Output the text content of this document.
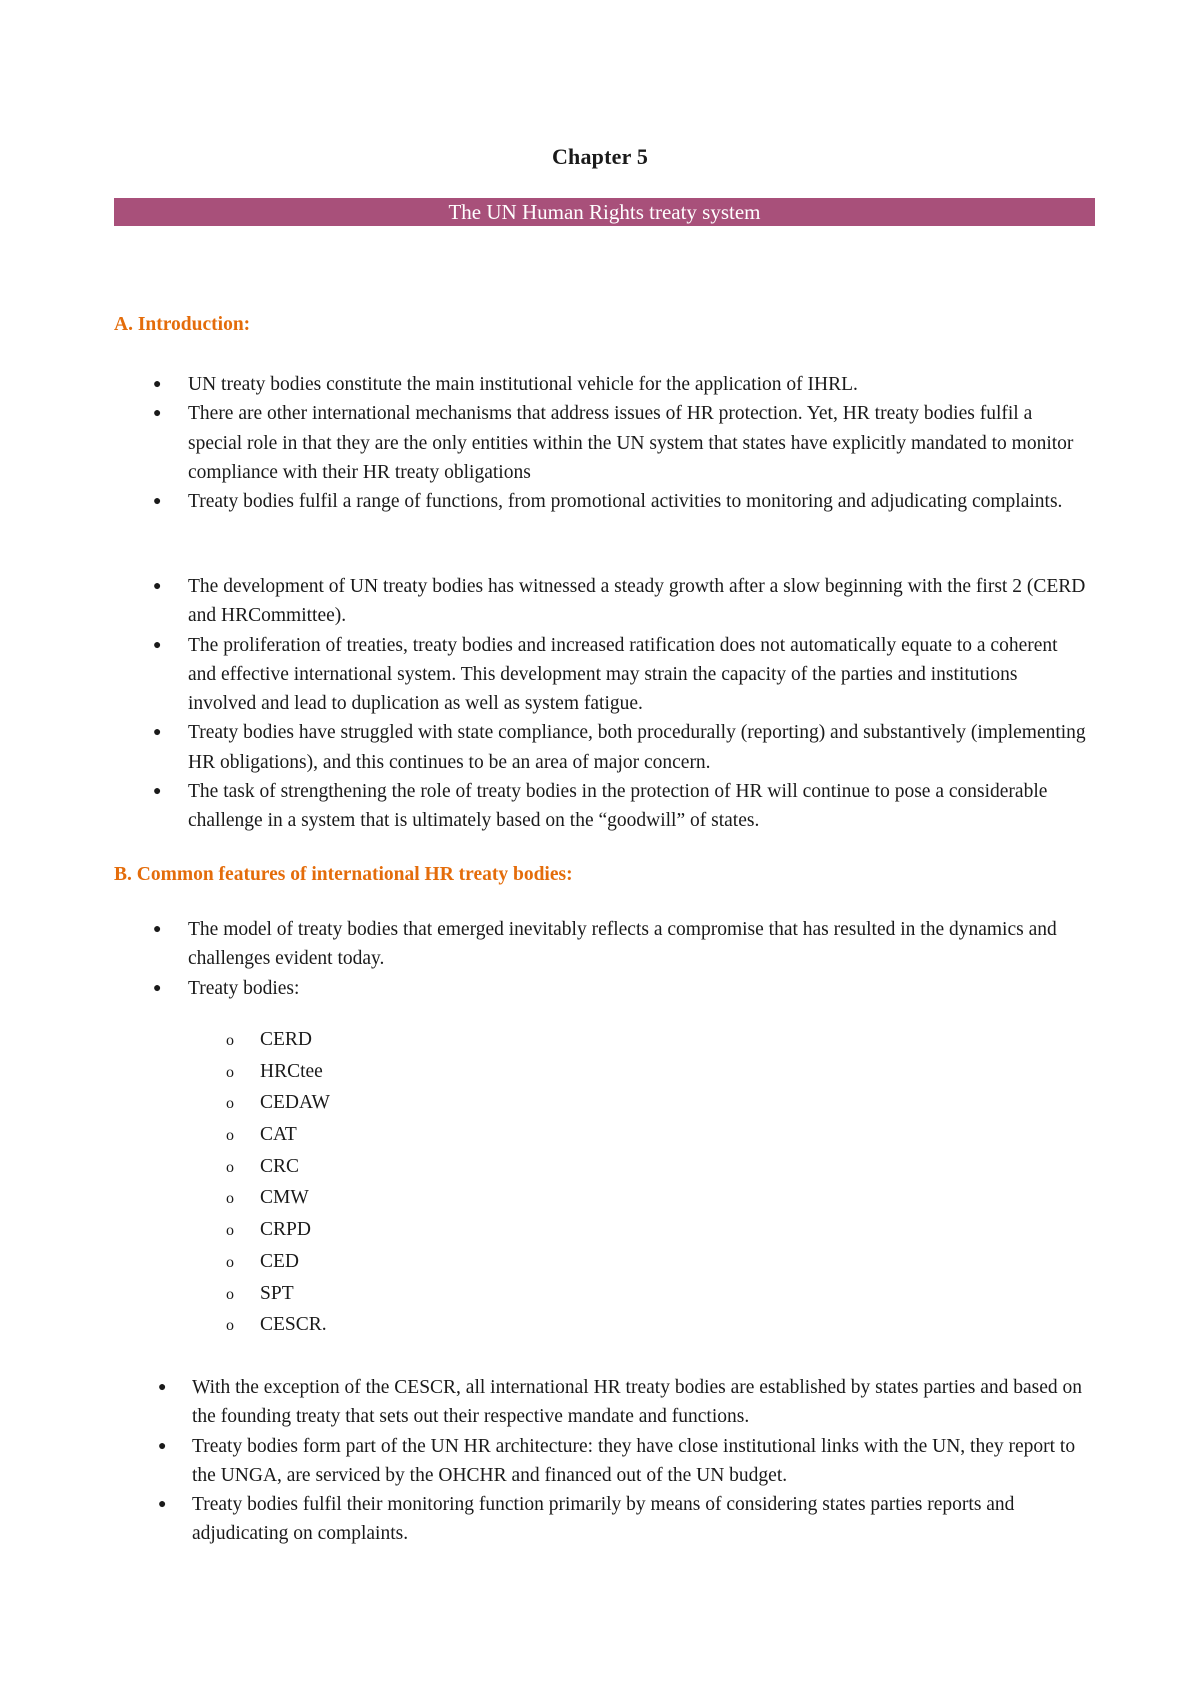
Chapter 5
The UN Human Rights treaty system
A. Introduction:
● UN treaty bodies constitute the main institutional vehicle for the application of IHRL.
● There are other international mechanisms that address issues of HR protection. Yet, HR treaty bodies fulfil a special role in that they are the only entities within the UN system that states have explicitly mandated to monitor compliance with their HR treaty obligations
● Treaty bodies fulfil a range of functions, from promotional activities to monitoring and adjudicating complaints.
● The development of UN treaty bodies has witnessed a steady growth after a slow beginning with the first 2 (CERD and HRCommittee).
● The proliferation of treaties, treaty bodies and increased ratification does not automatically equate to a coherent and effective international system. This development may strain the capacity of the parties and institutions involved and lead to duplication as well as system fatigue.
● Treaty bodies have struggled with state compliance, both procedurally (reporting) and substantively (implementing HR obligations), and this continues to be an area of major concern.
● The task of strengthening the role of treaty bodies in the protection of HR will continue to pose a considerable challenge in a system that is ultimately based on the “goodwill” of states.
B. Common features of international HR treaty bodies:
● The model of treaty bodies that emerged inevitably reflects a compromise that has resulted in the dynamics and challenges evident today.
● Treaty bodies:
o CERD
o HRCtee
o CEDAW
o CAT
o CRC
o CMW
o CRPD
o CED
o SPT
o CESCR.
● With the exception of the CESCR, all international HR treaty bodies are established by states parties and based on the founding treaty that sets out their respective mandate and functions.
● Treaty bodies form part of the UN HR architecture: they have close institutional links with the UN, they report to the UNGA, are serviced by the OHCHR and financed out of the UN budget.
● Treaty bodies fulfil their monitoring function primarily by means of considering states parties reports and adjudicating on complaints.
